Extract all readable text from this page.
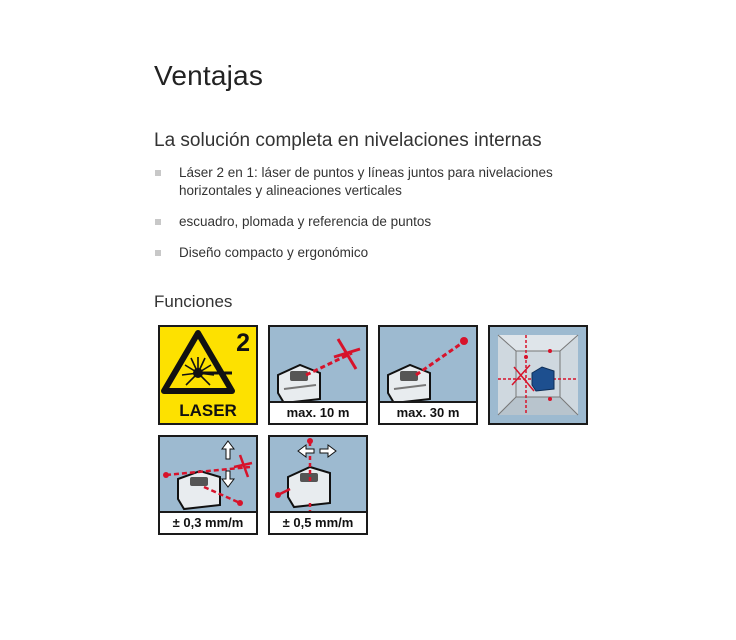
Ventajas
La solución completa en nivelaciones internas
Láser 2 en 1: láser de puntos y líneas juntos para nivelaciones horizontales y alineaciones verticales
escuadro, plomada y referencia de puntos
Diseño compacto y ergonómico
Funciones
2
LASER	max. 10 m	max. 30 m
± 0,3 mm/m	± 0,5 mm/m
